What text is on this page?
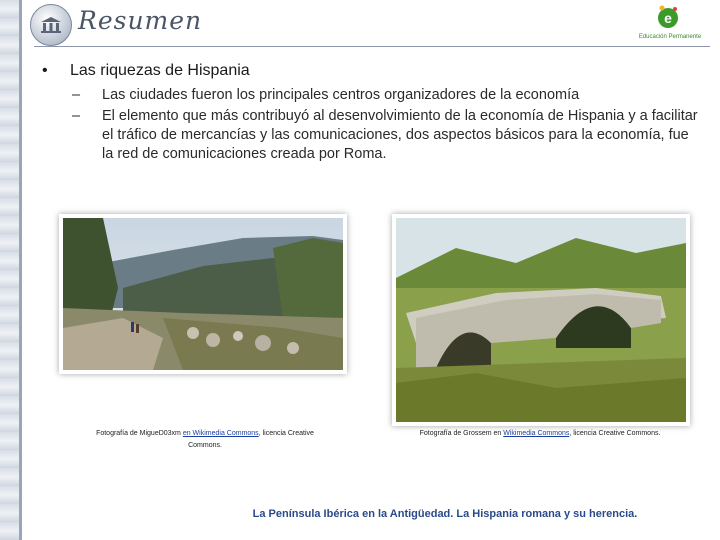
Resumen	e
Educación Permanente
• Las riquezas de Hispania
– Las ciudades fueron los principales centros organizadores de la economía
– El elemento que más contribuyó al desenvolvimiento de la economía de Hispania y a facilitar el tráfico de mercancías y las comunicaciones, dos aspectos básicos para la economía, fue la red de comunicaciones creada por Roma.
Fotografía de MigueD03xm en Wikimedia Commons, licencia Creative Commons.
Fotografía de Grossem en Wikimedia Commons, licencia Creative Commons.
La Península Ibérica en la Antigüedad. La Hispania romana y su herencia.
